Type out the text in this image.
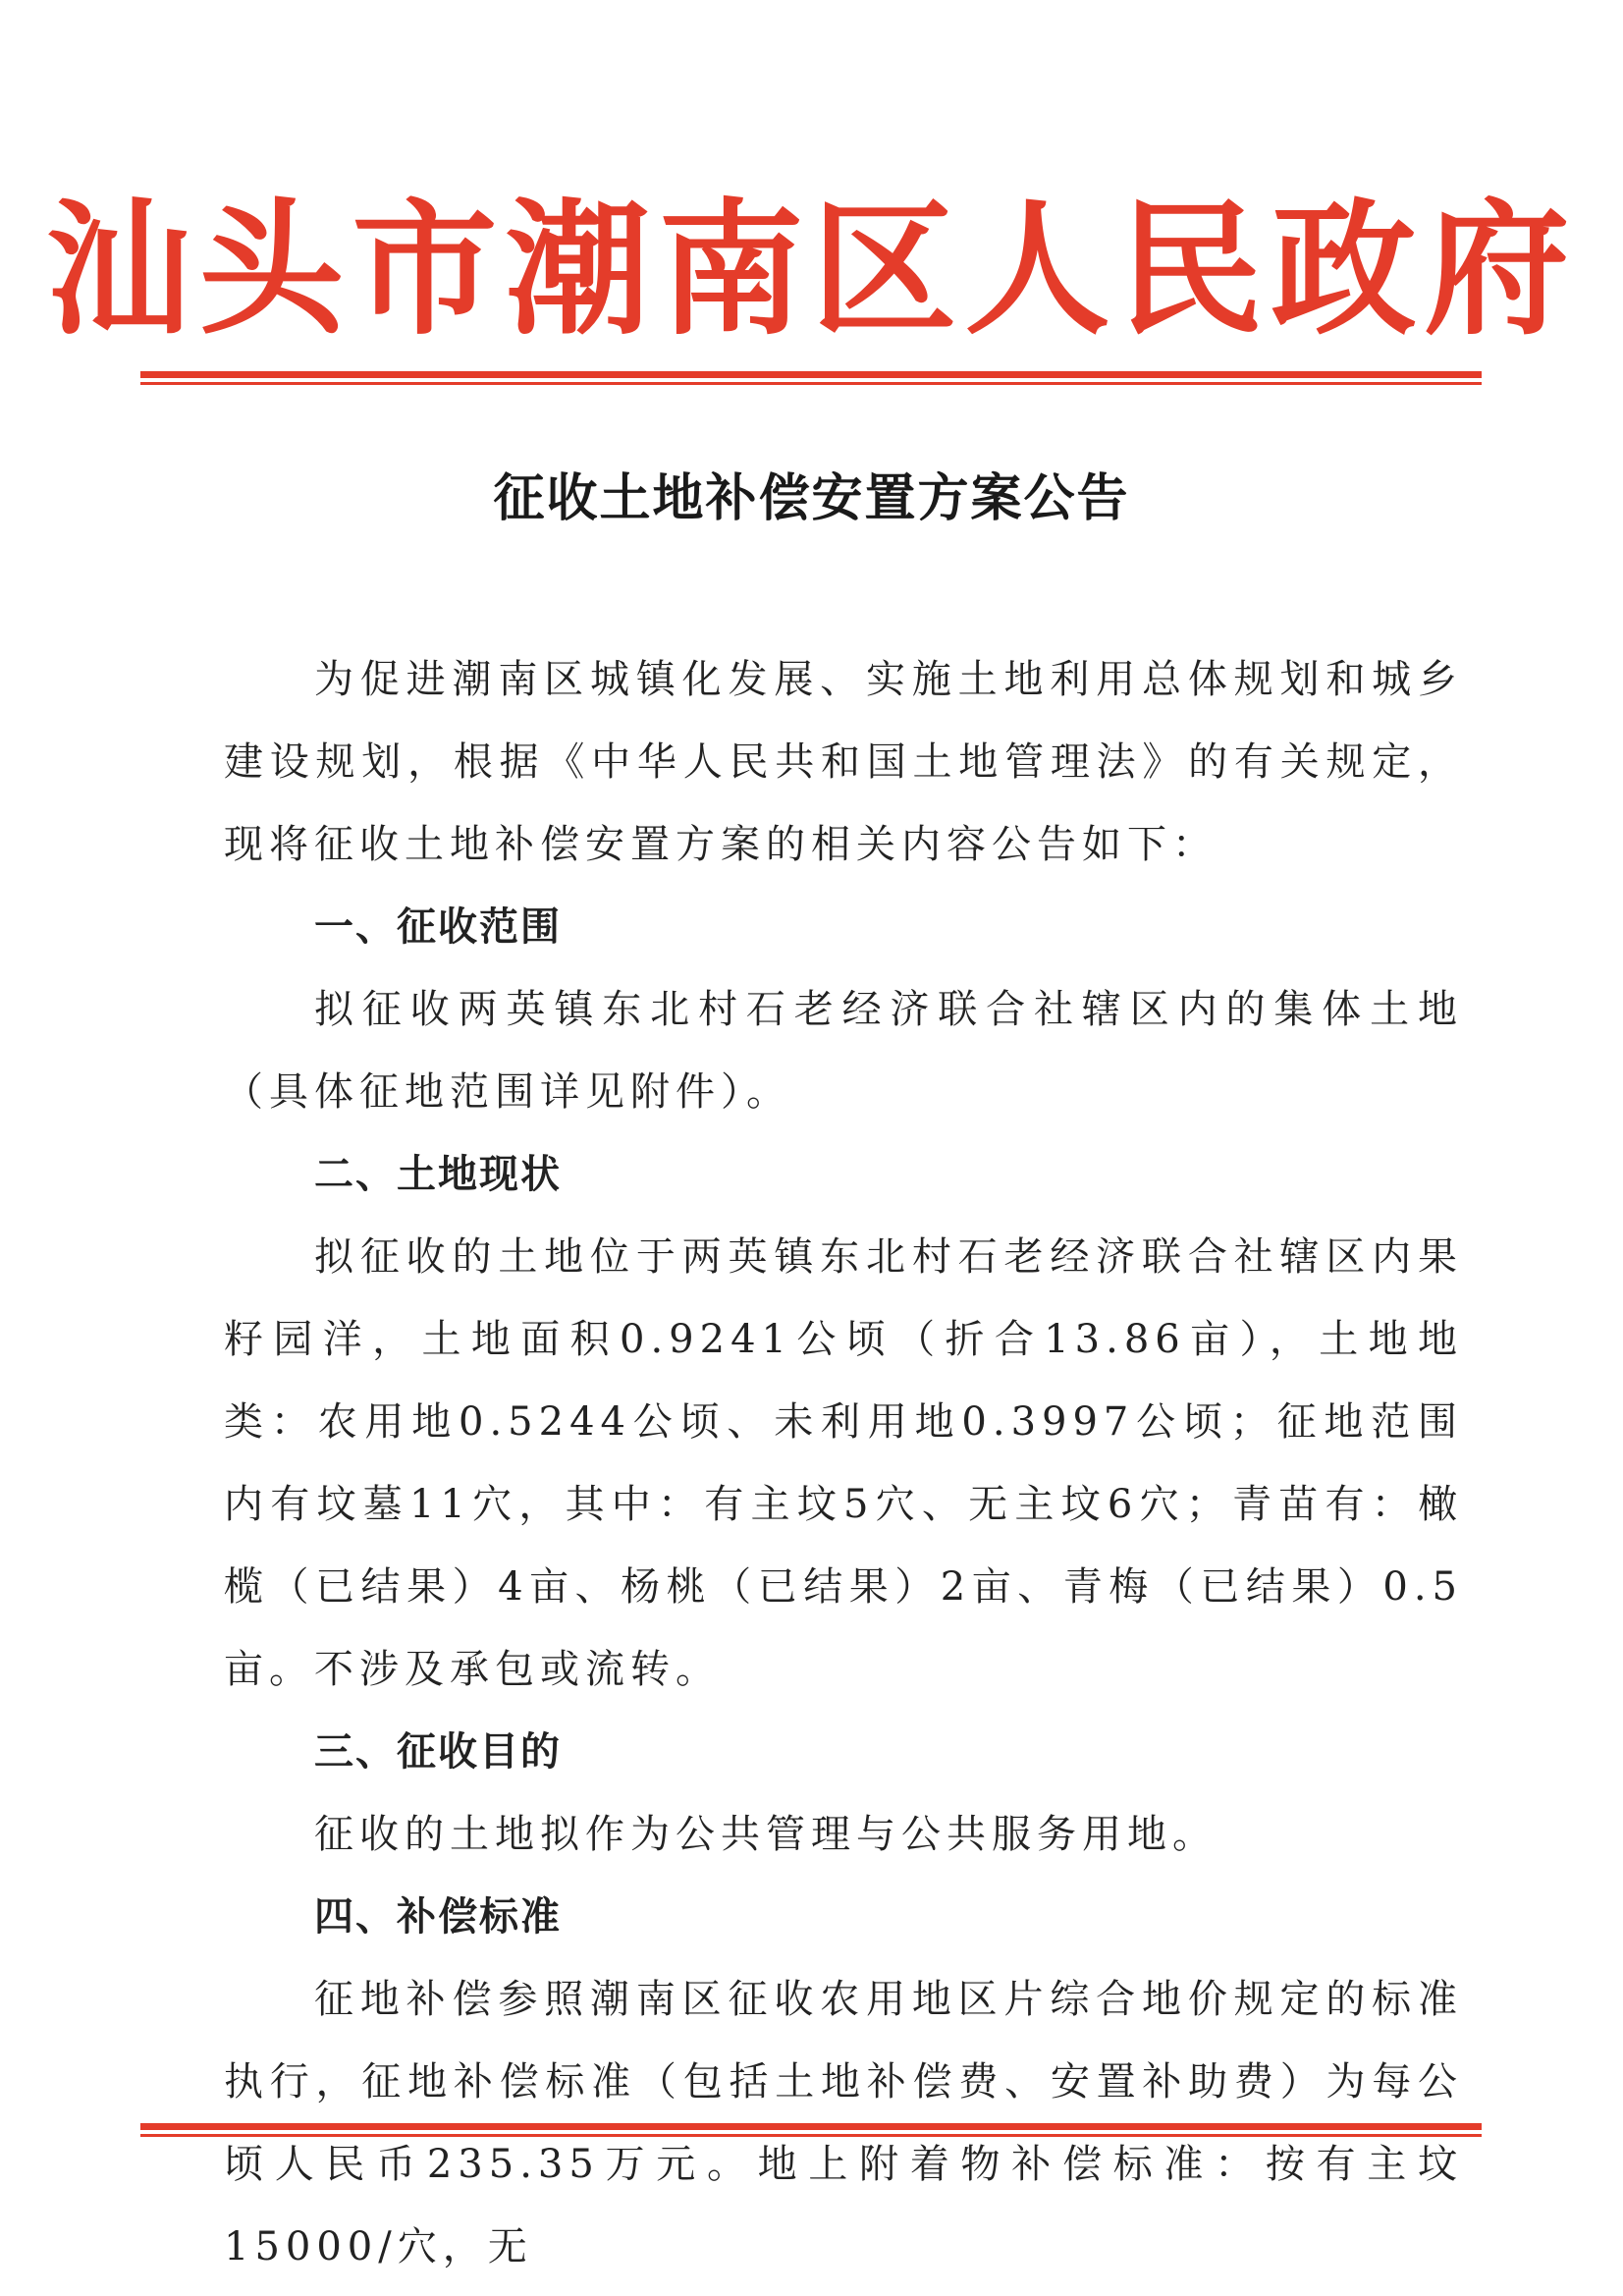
汕头市潮南区人民政府
征收土地补偿安置方案公告

为促进潮南区城镇化发展、实施土地利用总体规划和城乡建设规划，根据《中华人民共和国土地管理法》的有关规定，现将征收土地补偿安置方案的相关内容公告如下：

一、征收范围

拟征收两英镇东北村石老经济联合社辖区内的集体土地（具体征地范围详见附件）。

二、土地现状

拟征收的土地位于两英镇东北村石老经济联合社辖区内果籽园洋，土地面积0.9241公顷（折合13.86亩），土地地类：农用地0.5244公顷、未利用地0.3997公顷；征地范围内有坟墓11穴，其中：有主坟5穴、无主坟6穴；青苗有：橄榄（已结果）4亩、杨桃（已结果）2亩、青梅（已结果）0.5亩。不涉及承包或流转。

三、征收目的

征收的土地拟作为公共管理与公共服务用地。

四、补偿标准

征地补偿参照潮南区征收农用地区片综合地价规定的标准执行，征地补偿标准（包括土地补偿费、安置补助费）为每公顷人民币235.35万元。地上附着物补偿标准：按有主坟15000/穴，无
